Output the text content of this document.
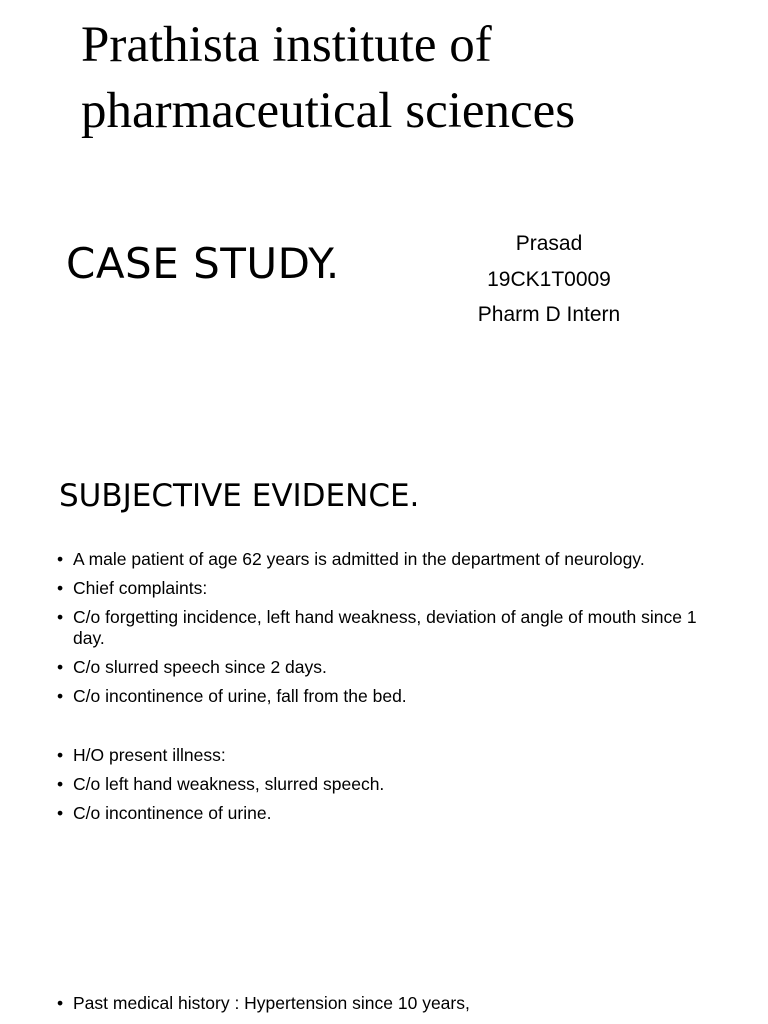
Prathista institute of pharmaceutical sciences
CASE STUDY.	Prasad
19CK1T0009
Pharm D Intern
SUBJECTIVE EVIDENCE.
• A male patient of age 62 years is admitted in the department of neurology.
• Chief complaints:
• C/o forgetting incidence, left hand weakness, deviation of angle of mouth since 1 day.
• C/o slurred speech since 2 days.
• C/o incontinence of urine, fall from the bed.
• H/O present illness:
• C/o left hand weakness, slurred speech.
• C/o incontinence of urine.
• Past medical history : Hypertension since 10 years,
